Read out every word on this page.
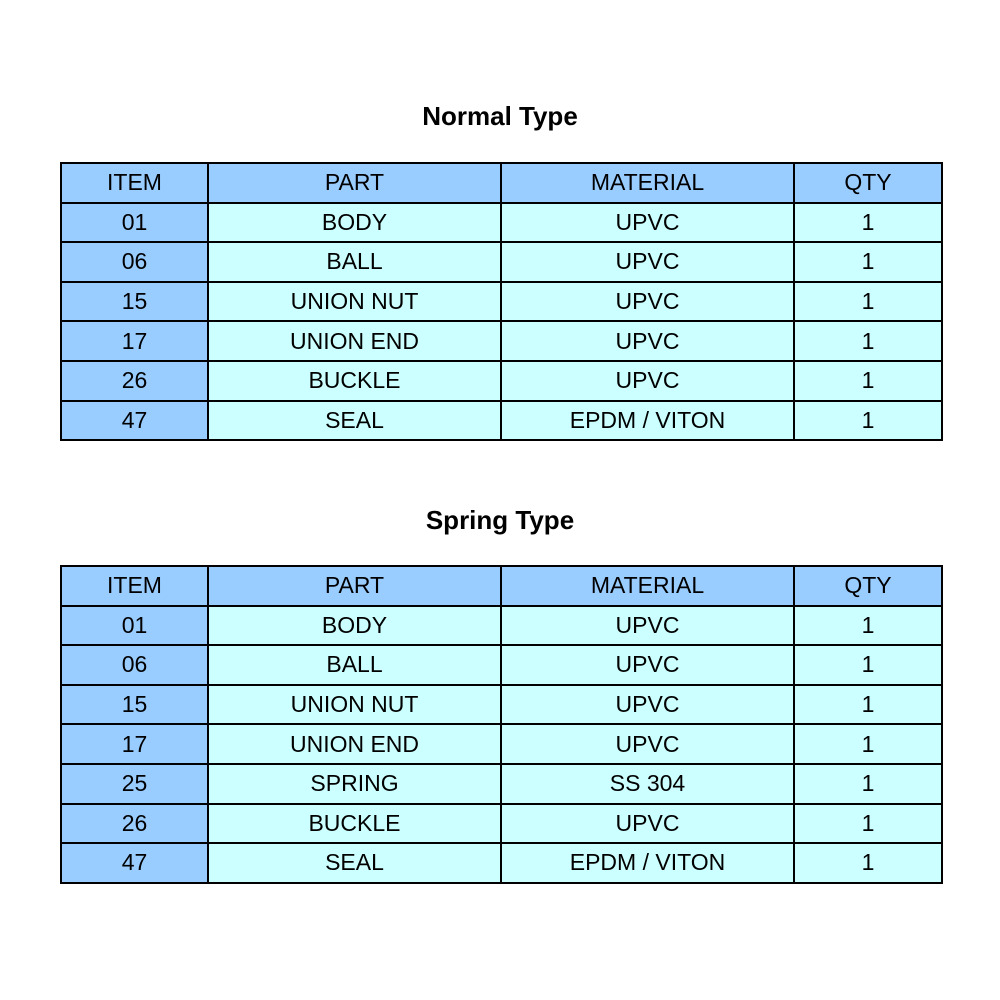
Normal Type
ITEM	PART	MATERIAL	QTY
01	BODY	UPVC	1
06	BALL	UPVC	1
15	UNION NUT	UPVC	1
17	UNION END	UPVC	1
26	BUCKLE	UPVC	1
47	SEAL	EPDM / VITON	1
Spring Type
ITEM	PART	MATERIAL	QTY
01	BODY	UPVC	1
06	BALL	UPVC	1
15	UNION NUT	UPVC	1
17	UNION END	UPVC	1
25	SPRING	SS 304	1
26	BUCKLE	UPVC	1
47	SEAL	EPDM / VITON	1
